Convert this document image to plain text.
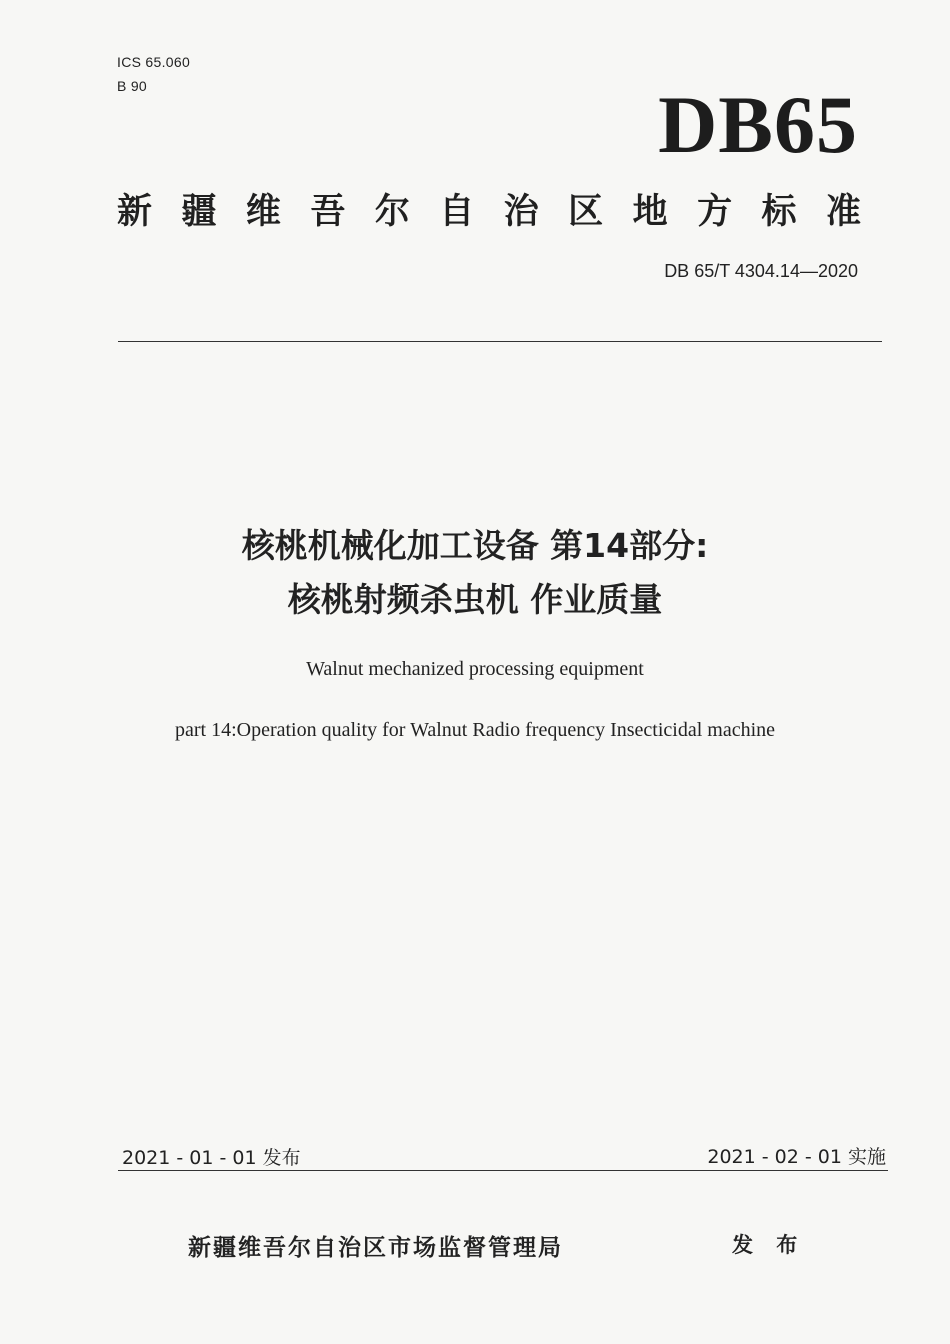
ICS 65.060
B 90	DB65
新 疆 维 吾 尔 自 治 区 地 方 标 准
DB 65/T 4304.14—2020
核桃机械化加工设备 第14部分:
核桃射频杀虫机 作业质量
Walnut mechanized processing equipment
part 14:Operation quality for Walnut Radio frequency Insecticidal machine
2021 - 01 - 01 发布	2021 - 02 - 01 实施
新疆维吾尔自治区市场监督管理局	发 布
